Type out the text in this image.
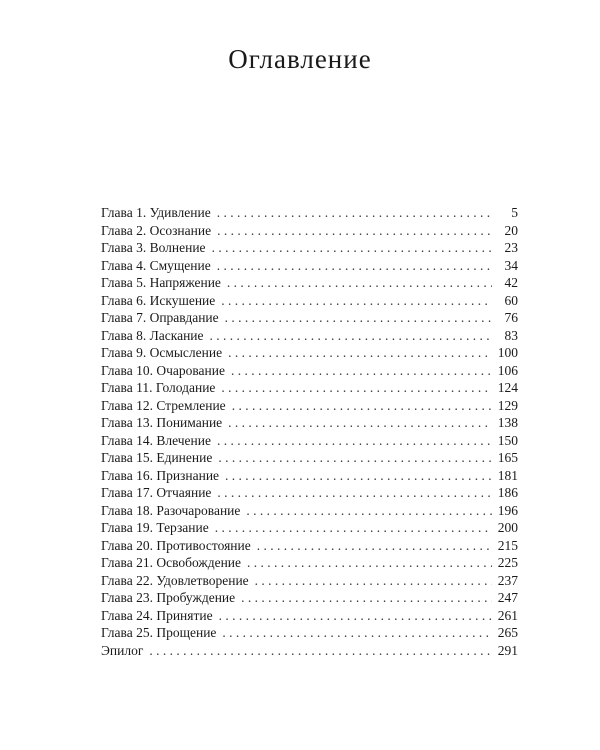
Оглавление
Глава 1. Удивление . . .	5
Глава 2. Осознание . . .	20
Глава 3. Волнение . . .	23
Глава 4. Смущение . . .	34
Глава 5. Напряжение . . .	42
Глава 6. Искушение . . .	60
Глава 7. Оправдание . . .	76
Глава 8. Ласкание . . .	83
Глава 9. Осмысление . . .	100
Глава 10. Очарование . . .	106
Глава 11. Голодание . . .	124
Глава 12. Стремление . . .	129
Глава 13. Понимание . . .	138
Глава 14. Влечение . . .	150
Глава 15. Единение . . .	165
Глава 16. Признание . . .	181
Глава 17. Отчаяние . . .	186
Глава 18. Разочарование . . .	196
Глава 19. Терзание . . .	200
Глава 20. Противостояние . . .	215
Глава 21. Освобождение . . .	225
Глава 22. Удовлетворение . . .	237
Глава 23. Пробуждение . . .	247
Глава 24. Принятие . . .	261
Глава 25. Прощение . . .	265
Эпилог . . .	291
